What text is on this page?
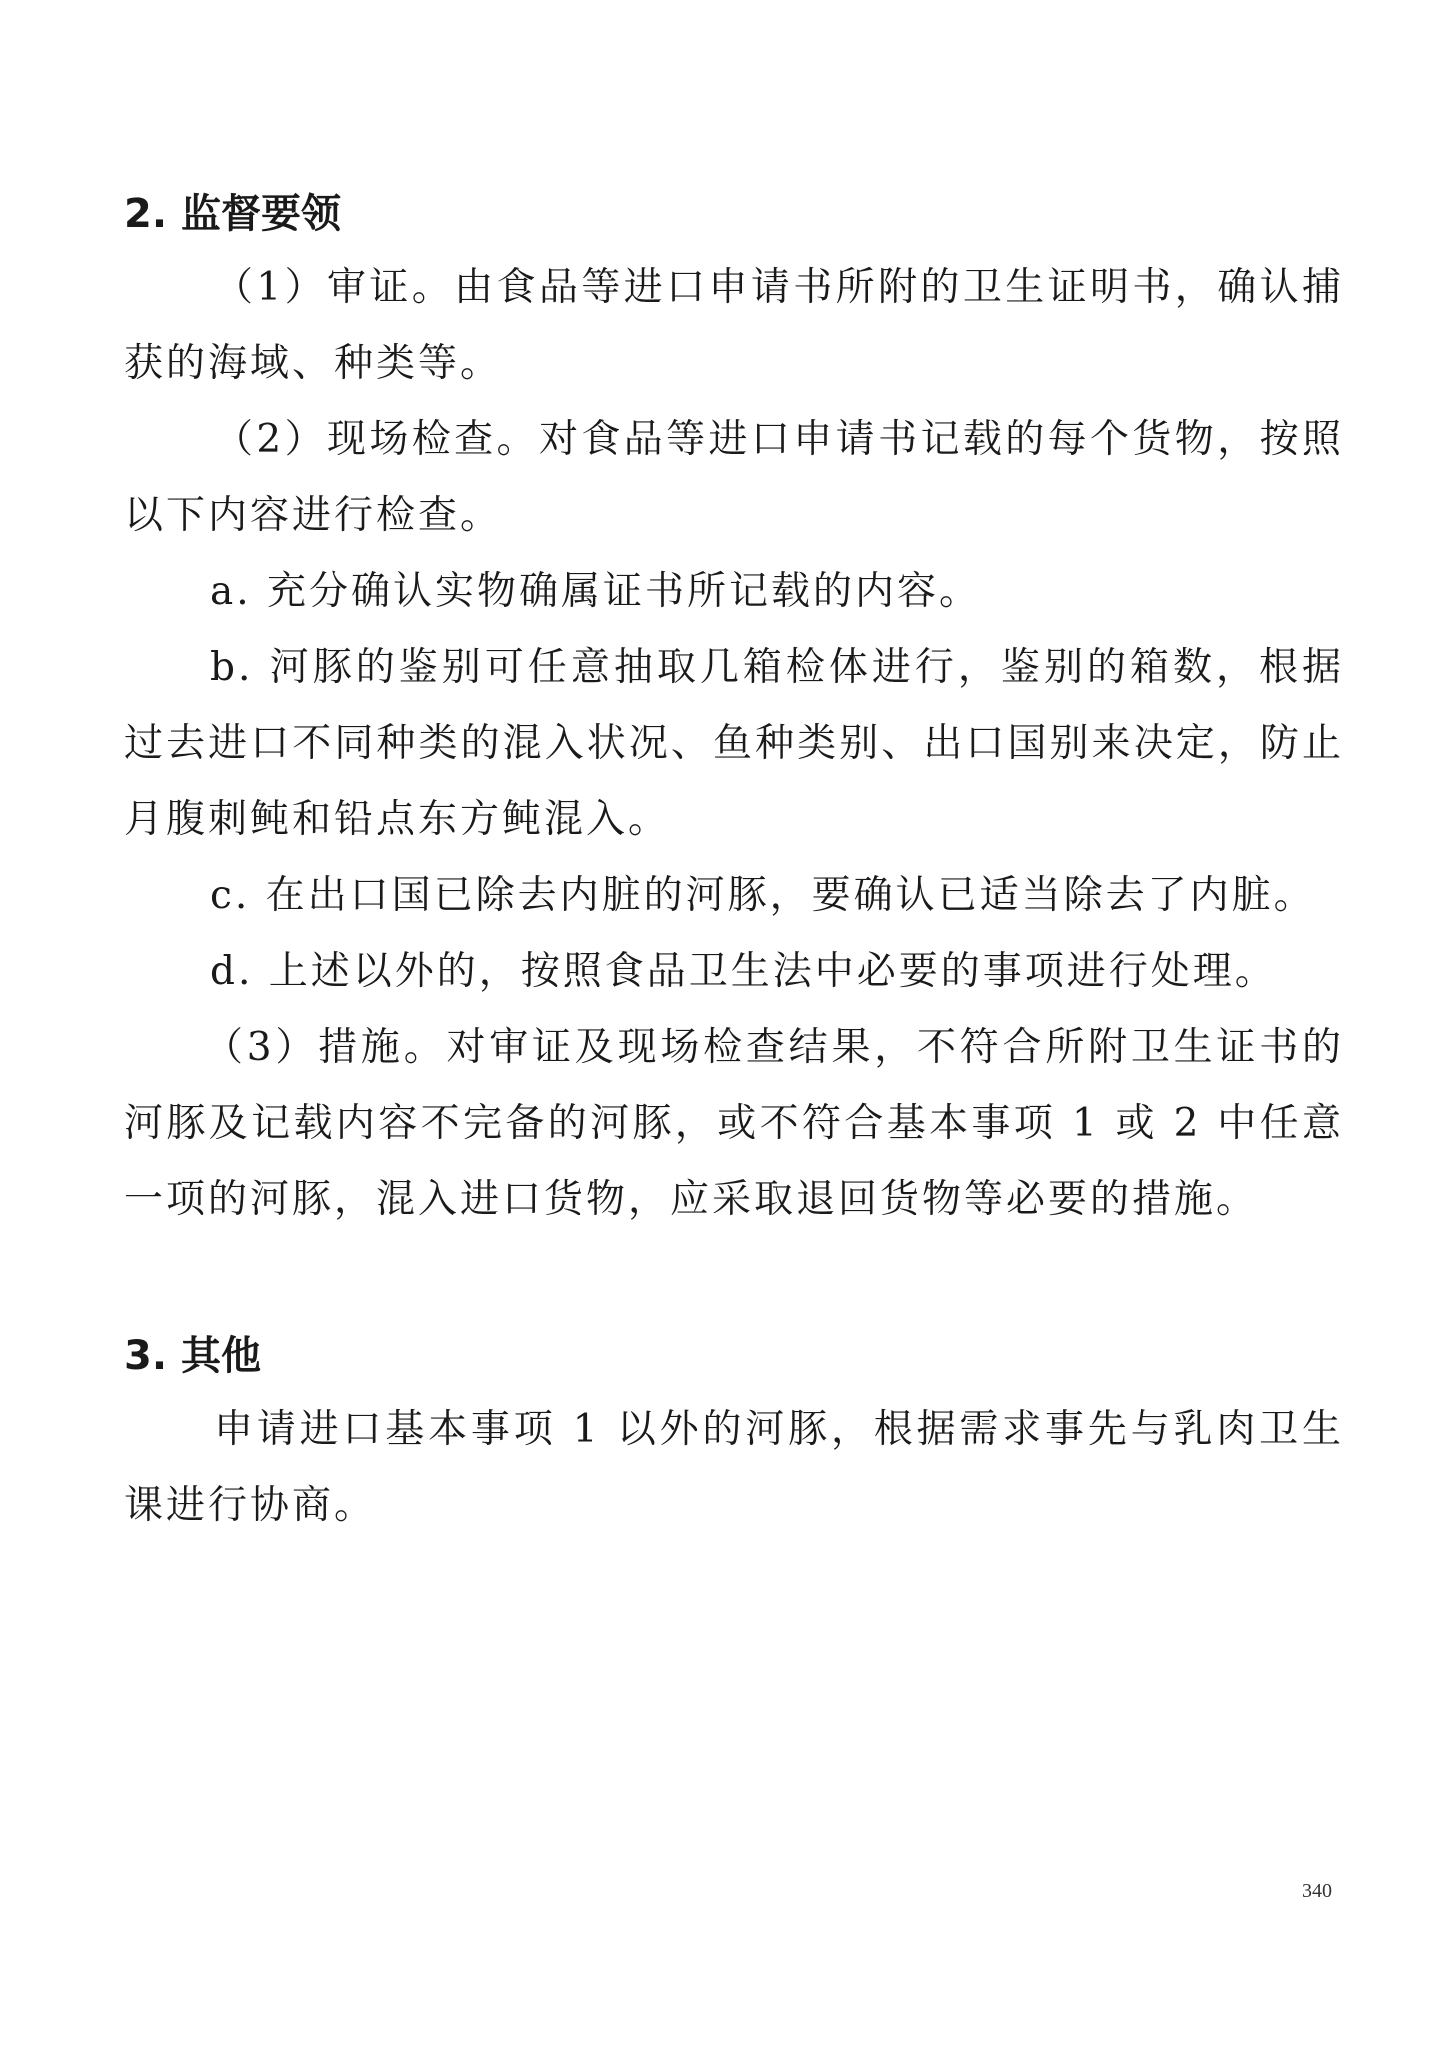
2. 监督要领

（1）审证。由食品等进口申请书所附的卫生证明书，确认捕获的海域、种类等。

（2）现场检查。对食品等进口申请书记载的每个货物，按照以下内容进行检查。

a. 充分确认实物确属证书所记载的内容。

b. 河豚的鉴别可任意抽取几箱检体进行，鉴别的箱数，根据过去进口不同种类的混入状况、鱼种类别、出口国别来决定，防止月腹刺鲀和铅点东方鲀混入。

c. 在出口国已除去内脏的河豚，要确认已适当除去了内脏。

d. 上述以外的，按照食品卫生法中必要的事项进行处理。

（3）措施。对审证及现场检查结果，不符合所附卫生证书的河豚及记载内容不完备的河豚，或不符合基本事项 1 或 2 中任意一项的河豚，混入进口货物，应采取退回货物等必要的措施。

3. 其他

申请进口基本事项 1 以外的河豚，根据需求事先与乳肉卫生课进行协商。

340
